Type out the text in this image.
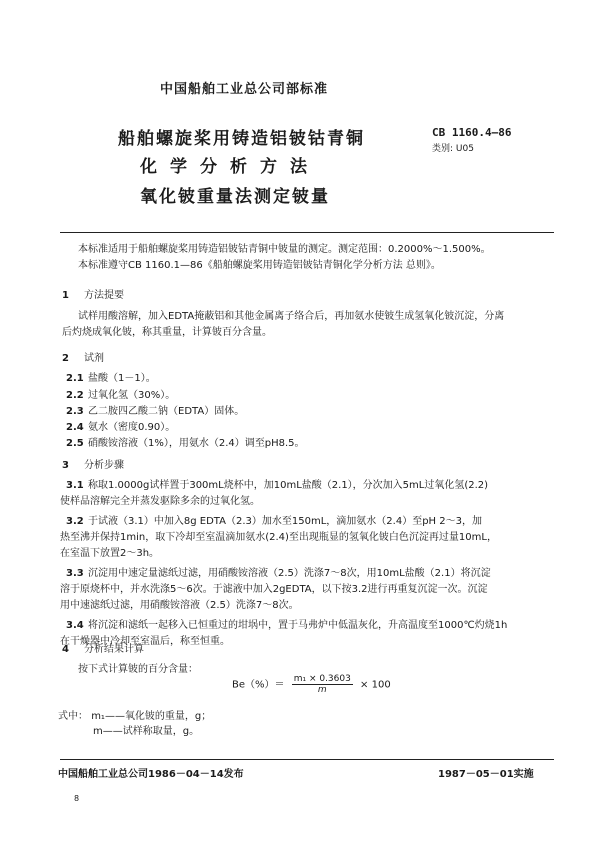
中国船舶工业总公司部标准
船舶螺旋桨用铸造铝铍钴青铜
化学分析方法
氧化铍重量法测定铍量
CB 1160.4—86
类别: U05
本标准适用于船舶螺旋桨用铸造铝铍钴青铜中铍量的测定。测定范围：0.2000%～1.500%。
本标准遵守CB 1160.1—86《船舶螺旋桨用铸造铝铍钴青铜化学分析方法 总则》。
1 方法提要
试样用酸溶解，加入EDTA掩蔽铝和其他金属离子络合后，再加氨水使铍生成氢氧化铍沉淀，分离
后灼烧成氧化铍，称其重量，计算铍百分含量。
2 试剂
2.1 盐酸（1－1）。
2.2 过氧化氢（30%）。
2.3 乙二胺四乙酸二钠（EDTA）固体。
2.4 氨水（密度0.90）。
2.5 硝酸铵溶液（1%），用氨水（2.4）调至pH8.5。
3 分析步骤
3.1 称取1.0000g试样置于300mL烧杯中，加10mL盐酸（2.1），分次加入5mL过氧化氢(2.2)
使样品溶解完全并蒸发驱除多余的过氧化氢。
3.2 于试液（3.1）中加入8g EDTA（2.3）加水至150mL，滴加氨水（2.4）至pH 2～3，加
热至沸并保持1min，取下冷却至室温滴加氨水(2.4)至出现瓶显的氢氧化铍白色沉淀再过量10mL，
在室温下放置2～3h。
3.3 沉淀用中速定量滤纸过滤，用硝酸铵溶液（2.5）洗涤7～8次，用10mL盐酸（2.1）将沉淀
溶于原烧杯中，并水洗涤5～6次。于滤液中加入2gEDTA，以下按3.2进行再重复沉淀一次。沉淀
用中速滤纸过滤，用硝酸铵溶液（2.5）洗涤7～8次。
3.4 将沉淀和滤纸一起移入已恒重过的坩埚中，置于马弗炉中低温灰化，升高温度至1000℃灼烧1h
在干燥器中冷却至室温后，称至恒重。
4 分析结果计算
按下式计算铍的百分含量：
$Be(\%)= \frac{\text{m₁ × 0.3603}}{m} \times 100$
式中： m₁——氧化铍的重量，g；
m——试样称取量，g。
中国船舶工业总公司1986－04－14发布	1987－05－01实施
8
